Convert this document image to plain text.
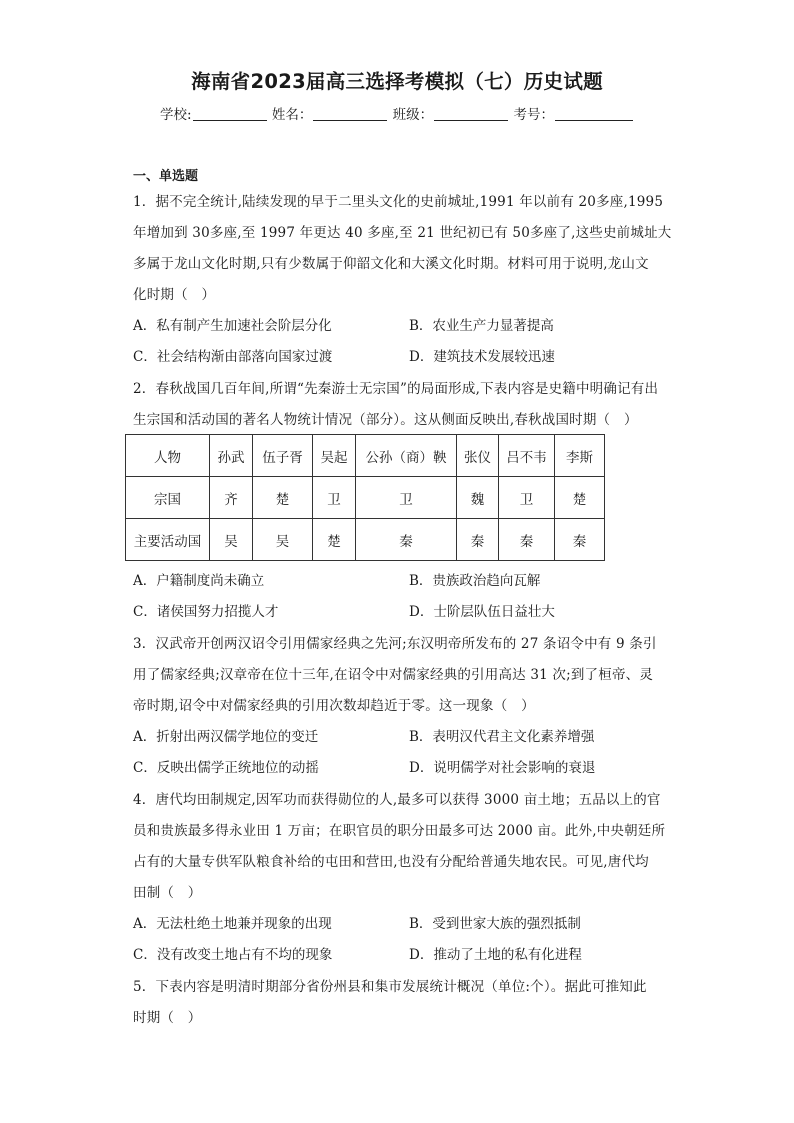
海南省2023届高三选择考模拟（七）历史试题
学校:	姓名：	班级：	考号：
一、单选题
1．据不完全统计,陆续发现的早于二里头文化的史前城址,1991 年以前有 20多座,1995
年增加到 30多座,至 1997 年更达 40 多座,至 21 世纪初已有 50多座了,这些史前城址大
多属于龙山文化时期,只有少数属于仰韶文化和大溪文化时期。材料可用于说明,龙山文
化时期（　）
A．私有制产生加速社会阶层分化	B．农业生产力显著提高
C．社会结构渐由部落向国家过渡	D．建筑技术发展较迅速
2．春秋战国几百年间,所谓“先秦游士无宗国”的局面形成,下表内容是史籍中明确记有出
生宗国和活动国的著名人物统计情况（部分）。这从侧面反映出,春秋战国时期（　）
人物	孙武	伍子胥	吴起	公孙（商）鞅	张仪	吕不韦	李斯
宗国	齐	楚	卫	卫	魏	卫	楚
主要活动国	吴	吴	楚	秦	秦	秦	秦
A．户籍制度尚未确立	B．贵族政治趋向瓦解
C．诸侯国努力招揽人才	D．士阶层队伍日益壮大
3．汉武帝开创两汉诏令引用儒家经典之先河;东汉明帝所发布的 27 条诏令中有 9 条引
用了儒家经典;汉章帝在位十三年,在诏令中对儒家经典的引用高达 31 次;到了桓帝、灵
帝时期,诏令中对儒家经典的引用次数却趋近于零。这一现象（　）
A．折射出两汉儒学地位的变迁	B．表明汉代君主文化素养增强
C．反映出儒学正统地位的动摇	D．说明儒学对社会影响的衰退
4．唐代均田制规定,因军功而获得勋位的人,最多可以获得 3000 亩土地；五品以上的官
员和贵族最多得永业田 1 万亩；在职官员的职分田最多可达 2000 亩。此外,中央朝廷所
占有的大量专供军队粮食补给的屯田和营田,也没有分配给普通失地农民。可见,唐代均
田制（　）
A．无法杜绝土地兼并现象的出现	B．受到世家大族的强烈抵制
C．没有改变土地占有不均的现象	D．推动了土地的私有化进程
5．下表内容是明清时期部分省份州县和集市发展统计概况（单位:个）。据此可推知此
时期（　）
